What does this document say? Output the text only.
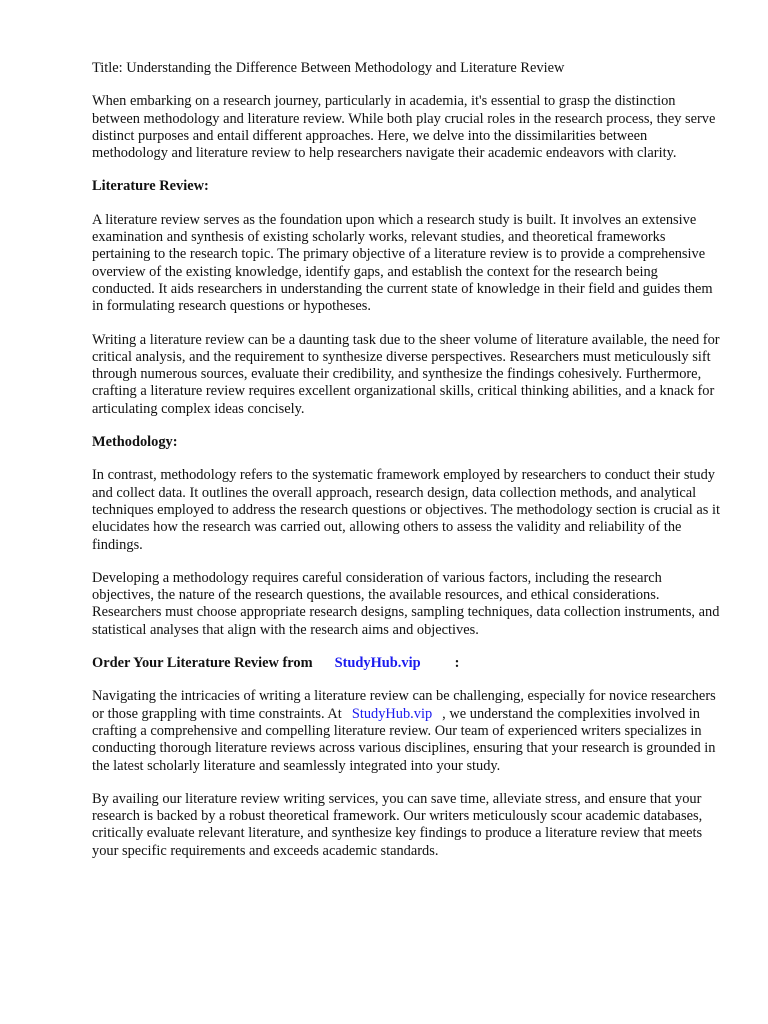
Title: Understanding the Difference Between Methodology and Literature Review

When embarking on a research journey, particularly in academia, it's essential to grasp the distinction between methodology and literature review. While both play crucial roles in the research process, they serve distinct purposes and entail different approaches. Here, we delve into the dissimilarities between methodology and literature review to help researchers navigate their academic endeavors with clarity.

Literature Review:

A literature review serves as the foundation upon which a research study is built. It involves an extensive examination and synthesis of existing scholarly works, relevant studies, and theoretical frameworks pertaining to the research topic. The primary objective of a literature review is to provide a comprehensive overview of the existing knowledge, identify gaps, and establish the context for the research being conducted. It aids researchers in understanding the current state of knowledge in their field and guides them in formulating research questions or hypotheses.

Writing a literature review can be a daunting task due to the sheer volume of literature available, the need for critical analysis, and the requirement to synthesize diverse perspectives. Researchers must meticulously sift through numerous sources, evaluate their credibility, and synthesize the findings cohesively. Furthermore, crafting a literature review requires excellent organizational skills, critical thinking abilities, and a knack for articulating complex ideas concisely.

Methodology:

In contrast, methodology refers to the systematic framework employed by researchers to conduct their study and collect data. It outlines the overall approach, research design, data collection methods, and analytical techniques employed to address the research questions or objectives. The methodology section is crucial as it elucidates how the research was carried out, allowing others to assess the validity and reliability of the findings.

Developing a methodology requires careful consideration of various factors, including the research objectives, the nature of the research questions, the available resources, and ethical considerations. Researchers must choose appropriate research designs, sampling techniques, data collection instruments, and statistical analyses that align with the research aims and objectives.

Order Your Literature Review from StudyHub.vip :

Navigating the intricacies of writing a literature review can be challenging, especially for novice researchers or those grappling with time constraints. At StudyHub.vip , we understand the complexities involved in crafting a comprehensive and compelling literature review. Our team of experienced writers specializes in conducting thorough literature reviews across various disciplines, ensuring that your research is grounded in the latest scholarly literature and seamlessly integrated into your study.

By availing our literature review writing services, you can save time, alleviate stress, and ensure that your research is backed by a robust theoretical framework. Our writers meticulously scour academic databases, critically evaluate relevant literature, and synthesize key findings to produce a literature review that meets your specific requirements and exceeds academic standards.
